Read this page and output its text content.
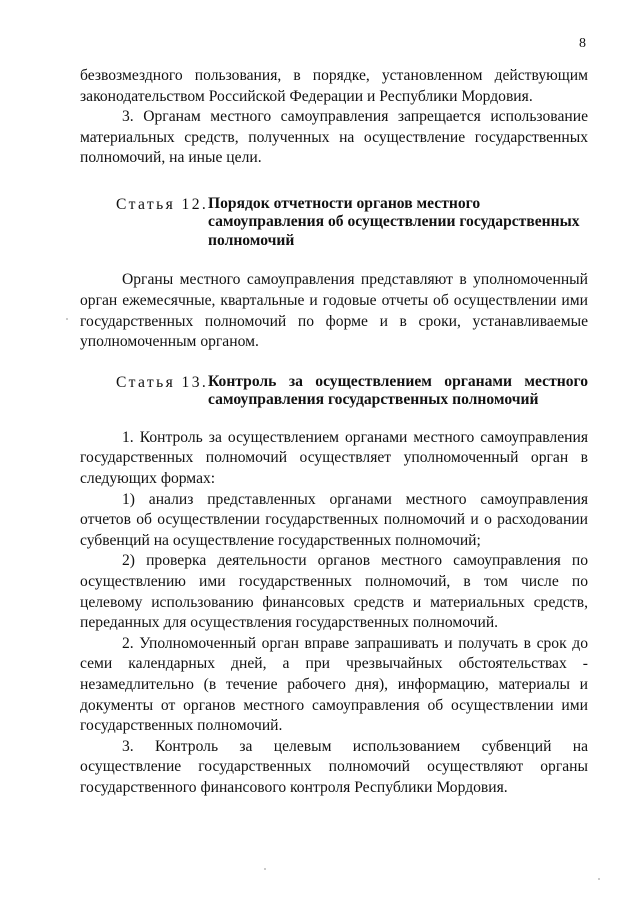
8

безвозмездного пользования, в порядке, установленном действующим законодательством Российской Федерации и Республики Мордовия.

3. Органам местного самоуправления запрещается использование материальных средств, полученных на осуществление государственных полномочий, на иные цели.

Статья 12. Порядок отчетности органов местного самоуправления об осуществлении государственных полномочий

Органы местного самоуправления представляют в уполномоченный орган ежемесячные, квартальные и годовые отчеты об осуществлении ими государственных полномочий по форме и в сроки, устанавливаемые уполномоченным органом.

Статья 13. Контроль за осуществлением органами местного самоуправления государственных полномочий

1. Контроль за осуществлением органами местного самоуправления государственных полномочий осуществляет уполномоченный орган в следующих формах:

1) анализ представленных органами местного самоуправления отчетов об осуществлении государственных полномочий и о расходовании субвенций на осуществление государственных полномочий;

2) проверка деятельности органов местного самоуправления по осуществлению ими государственных полномочий, в том числе по целевому использованию финансовых средств и материальных средств, переданных для осуществления государственных полномочий.

2. Уполномоченный орган вправе запрашивать и получать в срок до семи календарных дней, а при чрезвычайных обстоятельствах - незамедлительно (в течение рабочего дня), информацию, материалы и документы от органов местного самоуправления об осуществлении ими государственных полномочий.

3. Контроль за целевым использованием субвенций на осуществление государственных полномочий осуществляют органы государственного финансового контроля Республики Мордовия.
